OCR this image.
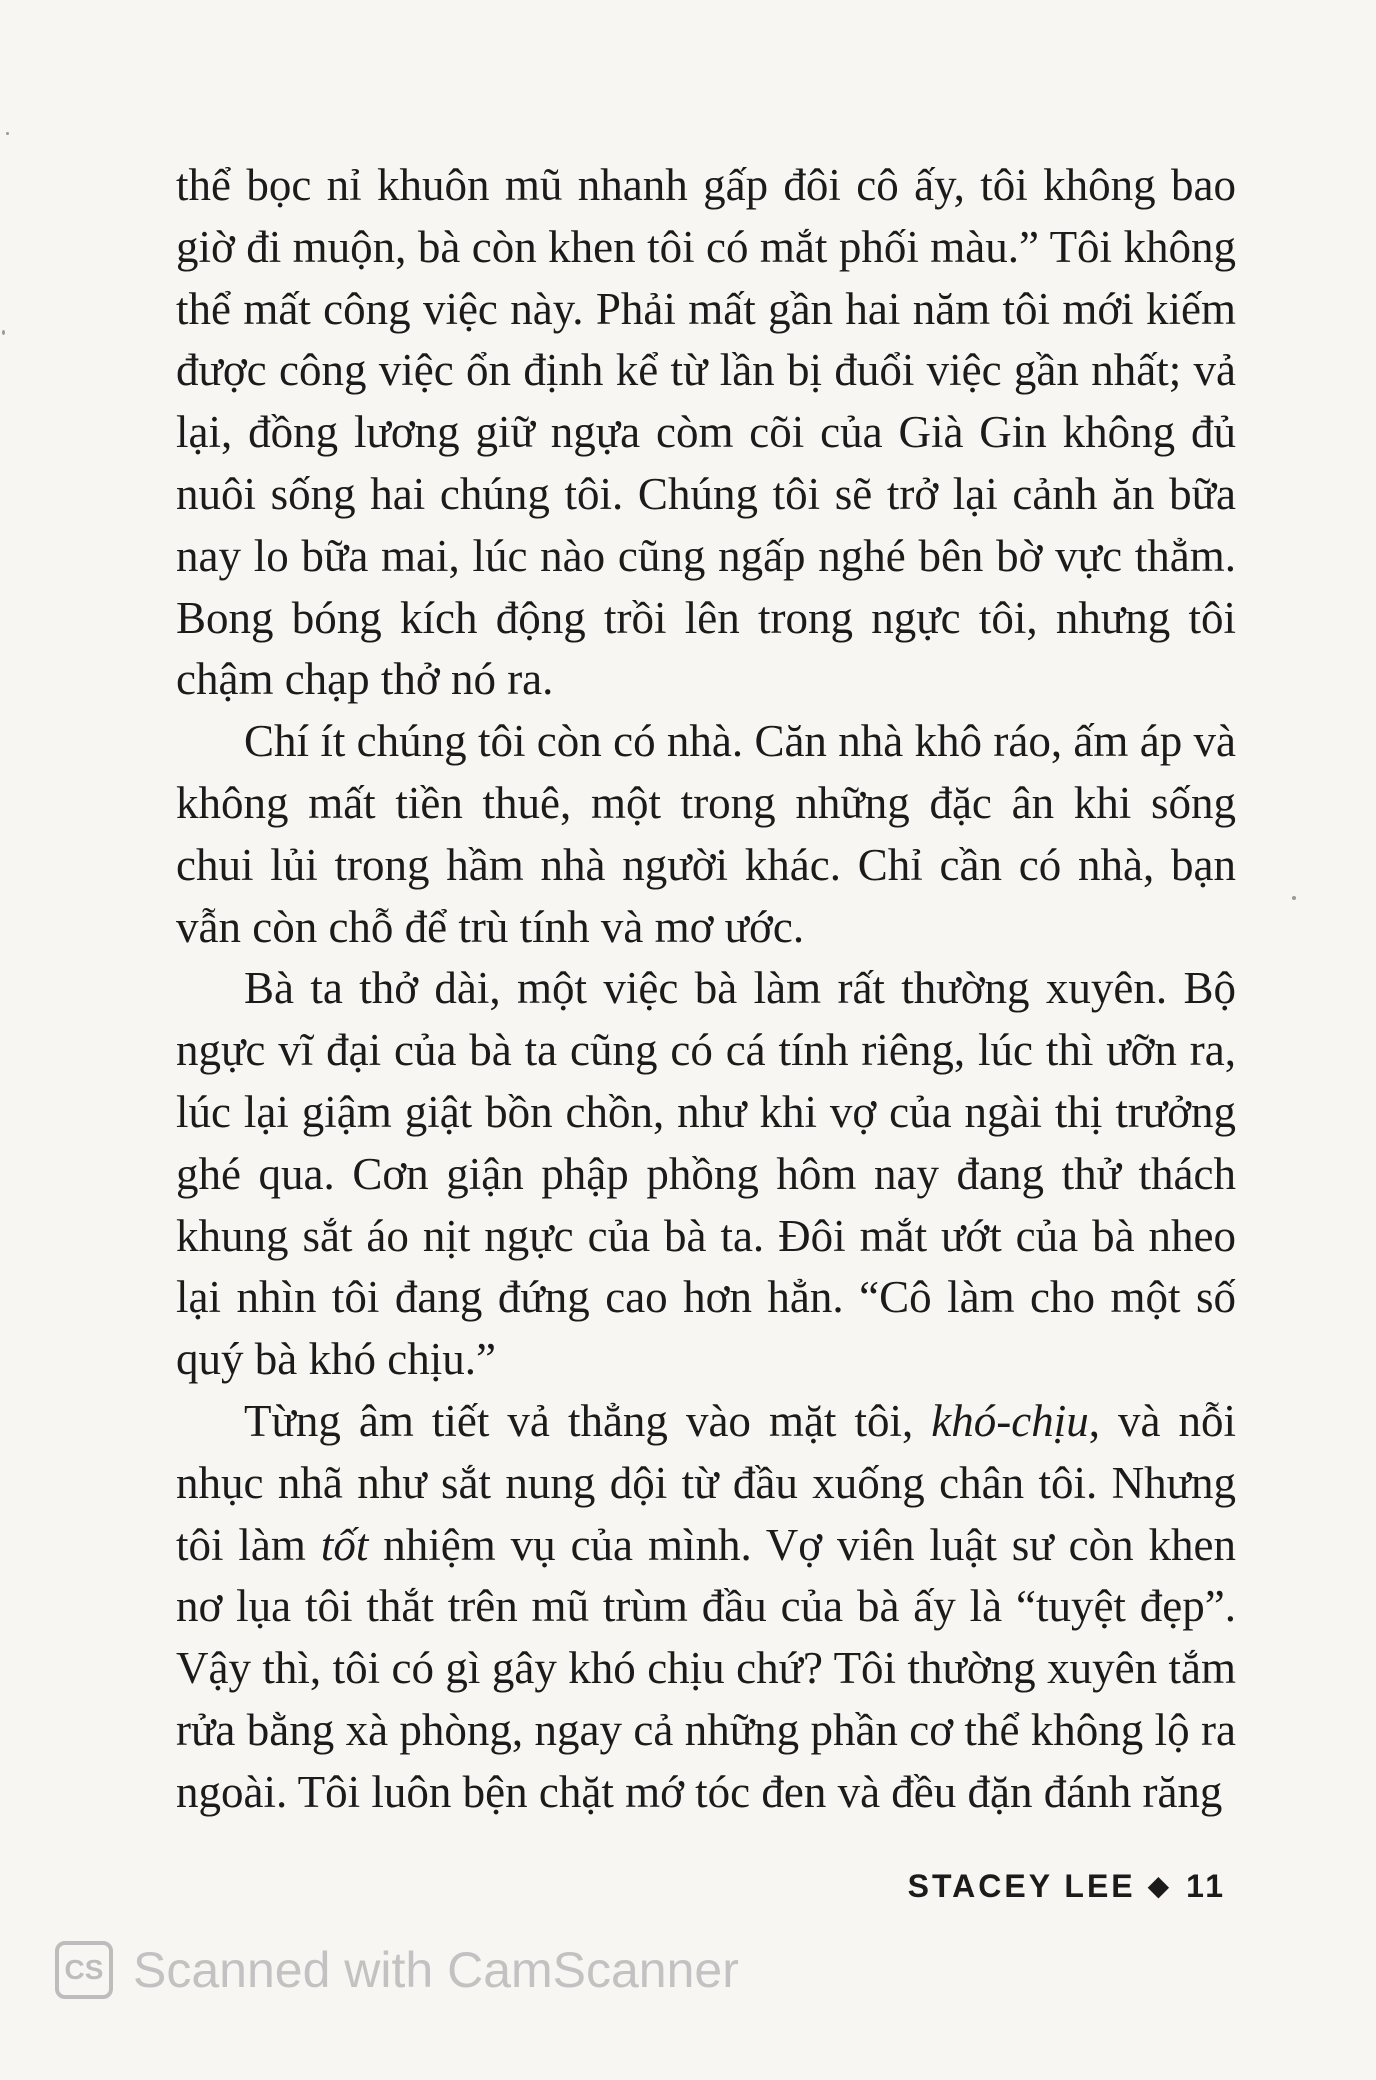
thể bọc nỉ khuôn mũ nhanh gấp đôi cô ấy, tôi không bao giờ đi muộn, bà còn khen tôi có mắt phối màu.” Tôi không thể mất công việc này. Phải mất gần hai năm tôi mới kiếm được công việc ổn định kể từ lần bị đuổi việc gần nhất; vả lại, đồng lương giữ ngựa còm cõi của Già Gin không đủ nuôi sống hai chúng tôi. Chúng tôi sẽ trở lại cảnh ăn bữa nay lo bữa mai, lúc nào cũng ngấp nghé bên bờ vực thẳm. Bong bóng kích động trồi lên trong ngực tôi, nhưng tôi chậm chạp thở nó ra.

Chí ít chúng tôi còn có nhà. Căn nhà khô ráo, ấm áp và không mất tiền thuê, một trong những đặc ân khi sống chui lủi trong hầm nhà người khác. Chỉ cần có nhà, bạn vẫn còn chỗ để trù tính và mơ ước.

Bà ta thở dài, một việc bà làm rất thường xuyên. Bộ ngực vĩ đại của bà ta cũng có cá tính riêng, lúc thì ưỡn ra, lúc lại giậm giật bồn chồn, như khi vợ của ngài thị trưởng ghé qua. Cơn giận phập phồng hôm nay đang thử thách khung sắt áo nịt ngực của bà ta. Đôi mắt ướt của bà nheo lại nhìn tôi đang đứng cao hơn hẳn. “Cô làm cho một số quý bà khó chịu.”

Từng âm tiết vả thẳng vào mặt tôi, khó-chịu, và nỗi nhục nhã như sắt nung dội từ đầu xuống chân tôi. Nhưng tôi làm tốt nhiệm vụ của mình. Vợ viên luật sư còn khen nơ lụa tôi thắt trên mũ trùm đầu của bà ấy là “tuyệt đẹp”. Vậy thì, tôi có gì gây khó chịu chứ? Tôi thường xuyên tắm rửa bằng xà phòng, ngay cả những phần cơ thể không lộ ra ngoài. Tôi luôn bện chặt mớ tóc đen và đều đặn đánh răng

STACEY LEE ◆ 11
CS Scanned with CamScanner
